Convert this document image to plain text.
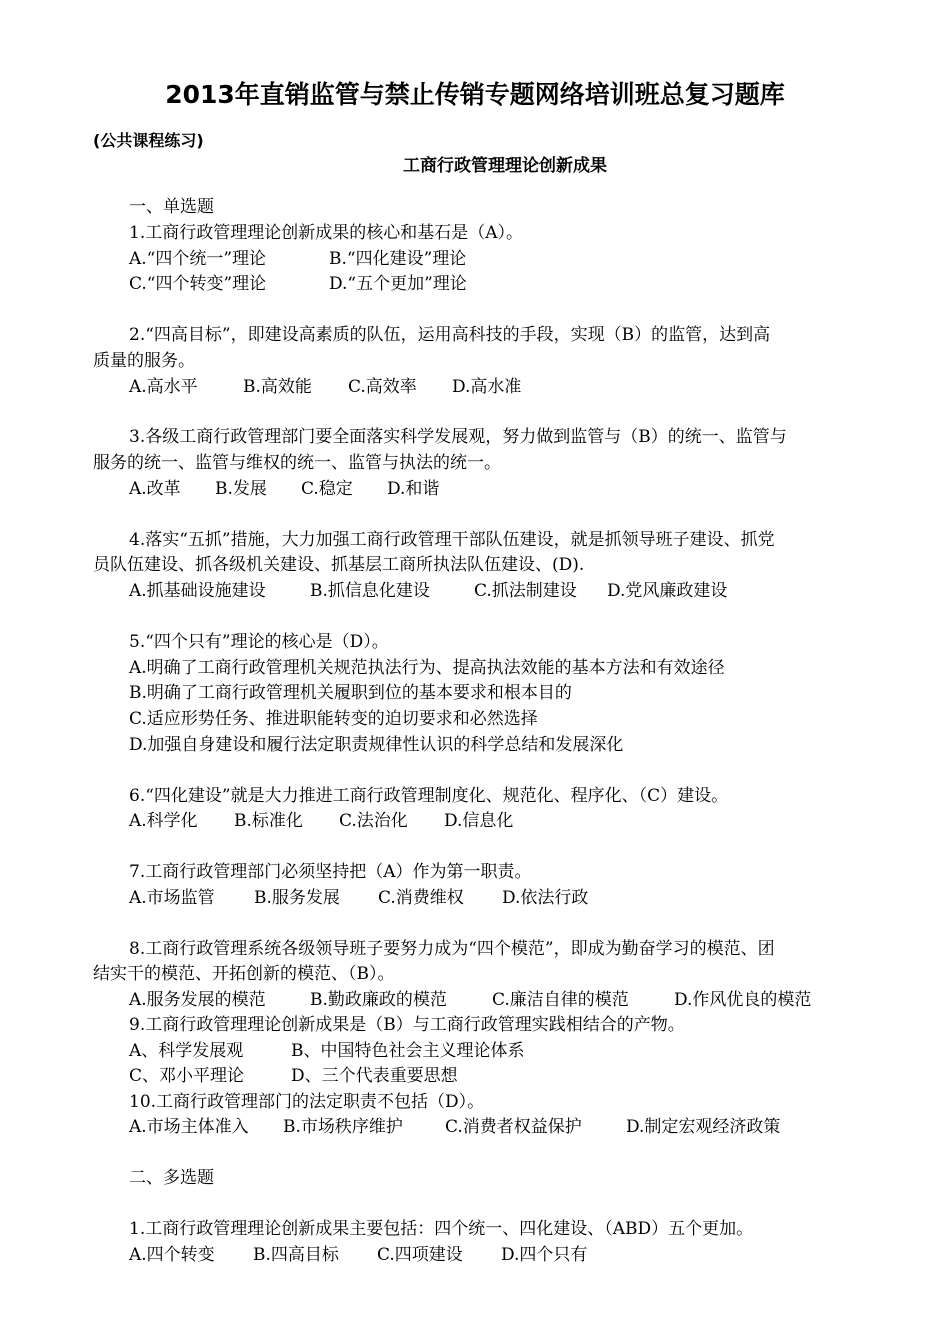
2013年直销监管与禁止传销专题网络培训班总复习题库
(公共课程练习)
工商行政管理理论创新成果
一、单选题
1.工商行政管理理论创新成果的核心和基石是（A）。
A.“四个统一”理论	B.“四化建设”理论
C.“四个转变”理论	D.“五个更加”理论
2.“四高目标”，即建设高素质的队伍，运用高科技的手段，实现（B）的监管，达到高
质量的服务。
A.高水平	B.高效能 C.高效率 D.高水准
3.各级工商行政管理部门要全面落实科学发展观，努力做到监管与（B）的统一、监管与
服务的统一、监管与维权的统一、监管与执法的统一。
A.改革 B.发展 C.稳定 D.和谐
4.落实“五抓”措施，大力加强工商行政管理干部队伍建设，就是抓领导班子建设、抓党
员队伍建设、抓各级机关建设、抓基层工商所执法队伍建设、(D).
A.抓基础设施建设	B.抓信息化建设	C.抓法制建设 D.党风廉政建设
5.“四个只有”理论的核心是（D）。
A.明确了工商行政管理机关规范执法行为、提高执法效能的基本方法和有效途径
B.明确了工商行政管理机关履职到位的基本要求和根本目的
C.适应形势任务、推进职能转变的迫切要求和必然选择
D.加强自身建设和履行法定职责规律性认识的科学总结和发展深化
6.“四化建设”就是大力推进工商行政管理制度化、规范化、程序化、（C）建设。
A.科学化 B.标准化 C.法治化 D.信息化
7.工商行政管理部门必须坚持把（A）作为第一职责。
A.市场监管 B.服务发展 C.消费维权 D.依法行政
8.工商行政管理系统各级领导班子要努力成为“四个模范”，即成为勤奋学习的模范、团
结实干的模范、开拓创新的模范、（B）。
A.服务发展的模范	B.勤政廉政的模范	C.廉洁自律的模范	D.作风优良的模范
9.工商行政管理理论创新成果是（B）与工商行政管理实践相结合的产物。
A、科学发展观	B、中国特色社会主义理论体系
C、邓小平理论	D、三个代表重要思想
10.工商行政管理部门的法定职责不包括（D）。
A.市场主体准入 B.市场秩序维护 C.消费者权益保护	D.制定宏观经济政策
二、多选题
1.工商行政管理理论创新成果主要包括：四个统一、四化建设、（ABD）五个更加。
A.四个转变 B.四高目标 C.四项建设 D.四个只有
